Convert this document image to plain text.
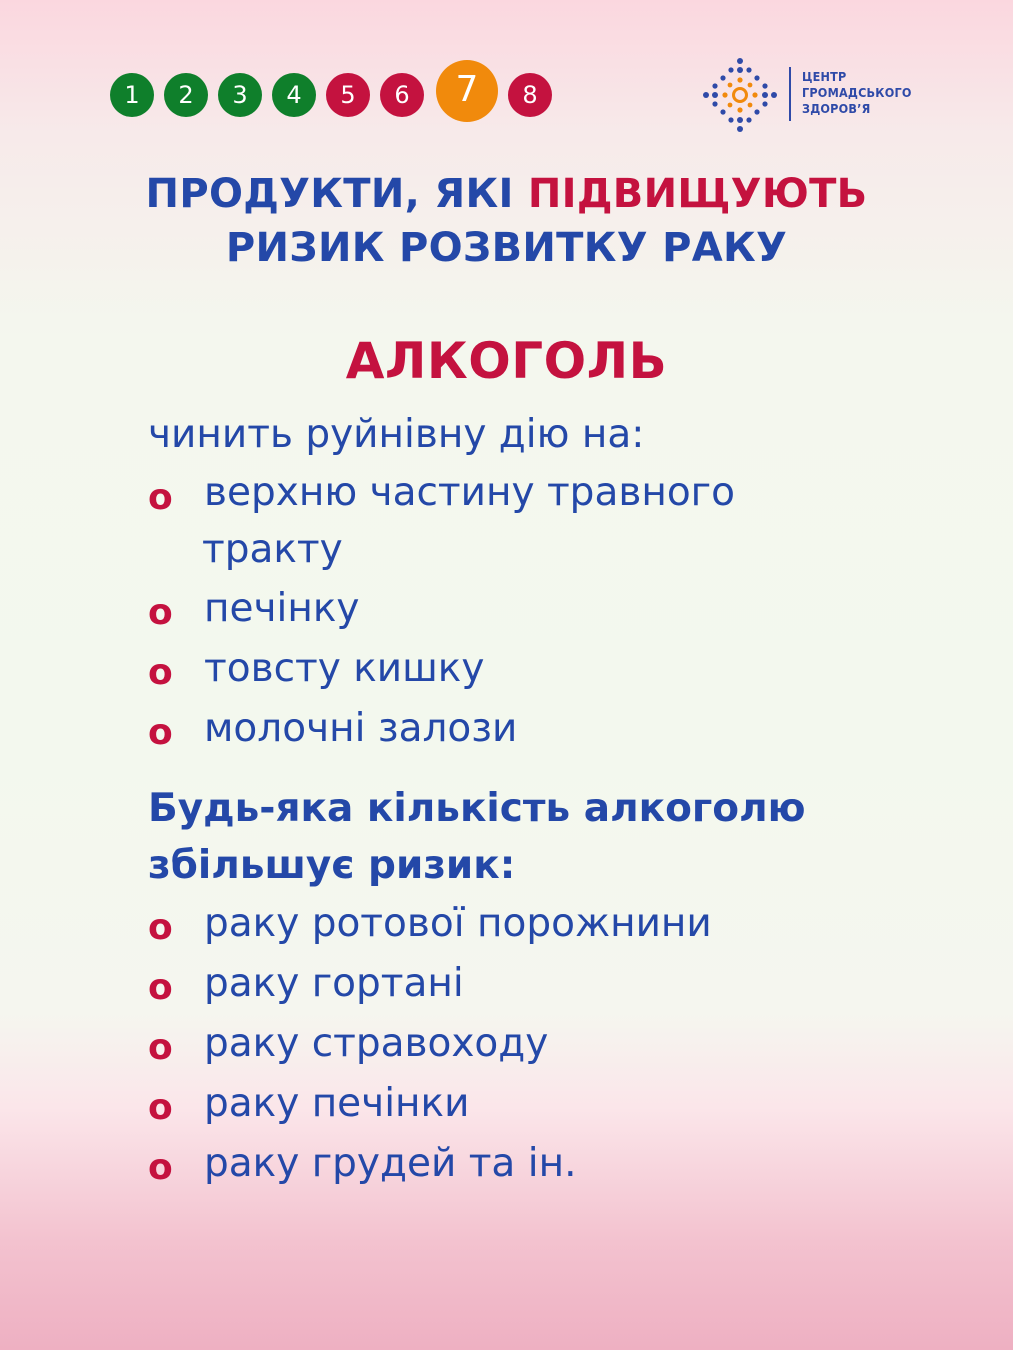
1	2	3	4	5	6	7	8
ЦЕНТР
ГРОМАДСЬКОГО
ЗДОРОВ’Я
ПРОДУКТИ, ЯКІ ПІДВИЩУЮТЬ
РИЗИК РОЗВИТКУ РАКУ
АЛКОГОЛЬ
чинить руйнівну дію на:
o верхню частину травного
тракту
o печінку
o товсту кишку
o молочні залози
Будь-яка кількість алкоголю
збільшує ризик:
o раку ротової порожнини
o раку гортані
o раку стравоходу
o раку печінки
o раку грудей та ін.
